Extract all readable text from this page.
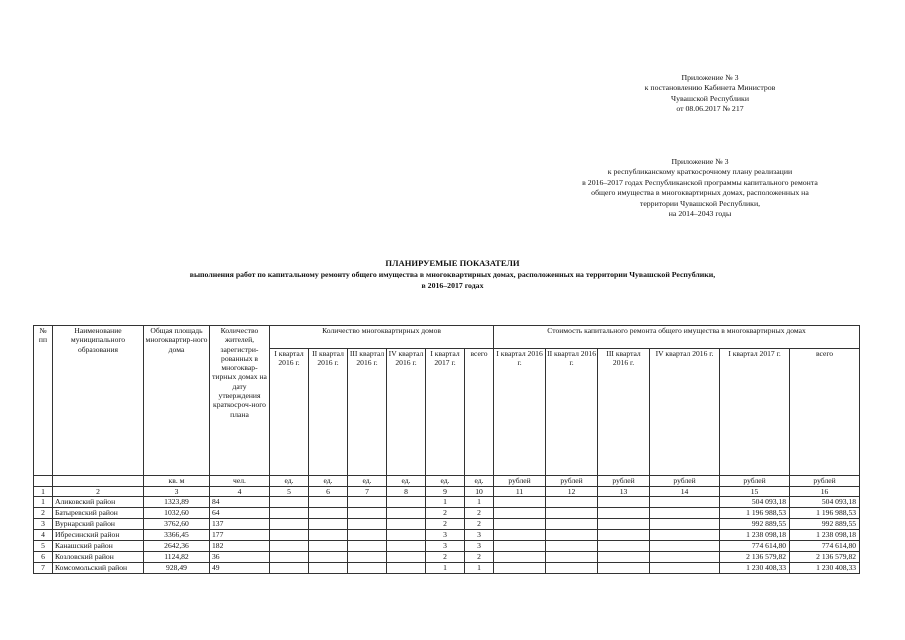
Приложение № 3
к постановлению Кабинета Министров
Чувашской Республики
от 08.06.2017 № 217
Приложение № 3
к республиканскому краткосрочному плану реализации
в 2016–2017 годах Республиканской программы капитального ремонта
общего имущества в многоквартирных домах, расположенных на
территории Чувашской Республики,
на 2014–2043 годы
ПЛАНИРУЕМЫЕ ПОКАЗАТЕЛИ
выполнения работ по капитальному ремонту общего имущества в многоквартирных домах, расположенных на территории Чувашской Республики,
в 2016–2017 годах
№ пп	Наименование муниципального образования	Общая площадь многоквартир-ного дома	Количество жителей, зарегистри-рованных в многоквар-тирных домах на дату утверждения краткосроч-ного плана	Количество многоквартирных домов						Стоимость капитального ремонта общего имущества в многоквартирных домах					
				I квартал 2016 г.	II квартал 2016 г.	III квартал 2016 г.	IV квартал 2016 г.	I квартал 2017 г.	всего	I квартал 2016 г.	II квартал 2016 г.	III квартал 2016 г.	IV квартал 2016 г.	I квартал 2017 г.	всего
		кв. м	чел.	ед.	ед.	ед.	ед.	ед.	ед.	рублей	рублей	рублей	рублей	рублей	рублей
1	2	3	4	5	6	7	8	9	10	11	12	13	14	15	16
1	Аликовский район	1323,89	84					1	1					504 093,18	504 093,18
2	Батыревский район	1032,60	64					2	2					1 196 988,53	1 196 988,53
3	Вурнарский район	3762,60	137					2	2					992 889,55	992 889,55
4	Ибресинский район	3366,45	177					3	3					1 238 098,18	1 238 098,18
5	Канашский район	2642,36	182					3	3					774 614,80	774 614,80
6	Козловский район	1124,82	36					2	2					2 136 579,82	2 136 579,82
7	Комсомольский район	928,49	49					1	1					1 230 408,33	1 230 408,33
